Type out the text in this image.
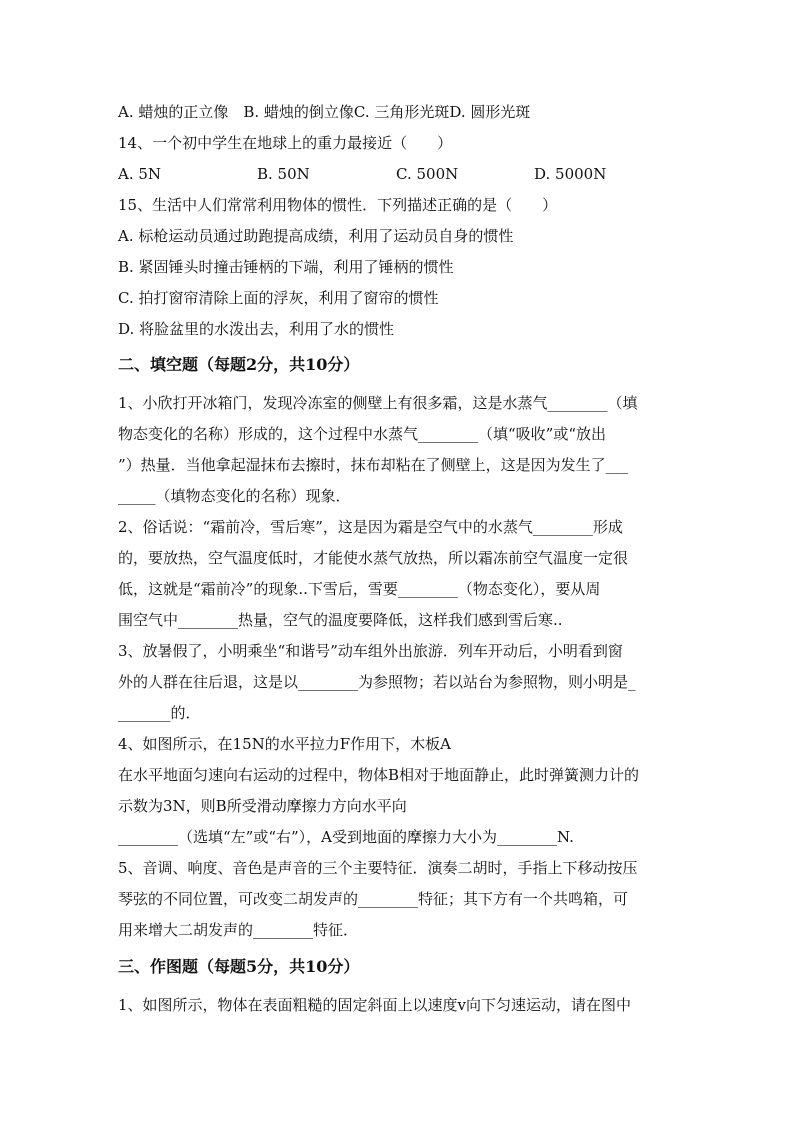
A. 蜡烛的正立像　B. 蜡烛的倒立像C. 三角形光斑D. 圆形光斑
14、一个初中学生在地球上的重力最接近（　　）
A. 5N	B. 50N	C. 500N	D. 5000N
15、生活中人们常常利用物体的惯性．下列描述正确的是（　　）
A. 标枪运动员通过助跑提高成绩，利用了运动员自身的惯性
B. 紧固锤头时撞击锤柄的下端，利用了锤柄的惯性
C. 拍打窗帘清除上面的浮灰，利用了窗帘的惯性
D. 将脸盆里的水泼出去，利用了水的惯性
二、填空题（每题2分，共10分）
1、小欣打开冰箱门，发现冷冻室的侧壁上有很多霜，这是水蒸气________（填
物态变化的名称）形成的，这个过程中水蒸气________（填“吸收”或“放出
”）热量．当他拿起湿抹布去擦时，抹布却粘在了侧壁上，这是因为发生了___
_____（填物态变化的名称）现象．
2、俗话说：“霜前冷，雪后寒”，这是因为霜是空气中的水蒸气________形成
的，要放热，空气温度低时，才能使水蒸气放热，所以霜冻前空气温度一定很
低，这就是“霜前冷”的现象..下雪后，雪要________（物态变化），要从周
围空气中________热量，空气的温度要降低，这样我们感到雪后寒..
3、放暑假了，小明乘坐“和谐号”动车组外出旅游．列车开动后，小明看到窗
外的人群在往后退，这是以________为参照物；若以站台为参照物，则小明是_
_______的．
4、如图所示，在15N的水平拉力F作用下，木板A
在水平地面匀速向右运动的过程中，物体B相对于地面静止，此时弹簧测力计的
示数为3N，则B所受滑动摩擦力方向水平向
________（选填“左”或“右”），A受到地面的摩擦力大小为________N.
5、音调、响度、音色是声音的三个主要特征．演奏二胡时，手指上下移动按压
琴弦的不同位置，可改变二胡发声的________特征；其下方有一个共鸣箱，可
用来增大二胡发声的________特征．
三、作图题（每题5分，共10分）
1、如图所示，物体在表面粗糙的固定斜面上以速度v向下匀速运动，请在图中
